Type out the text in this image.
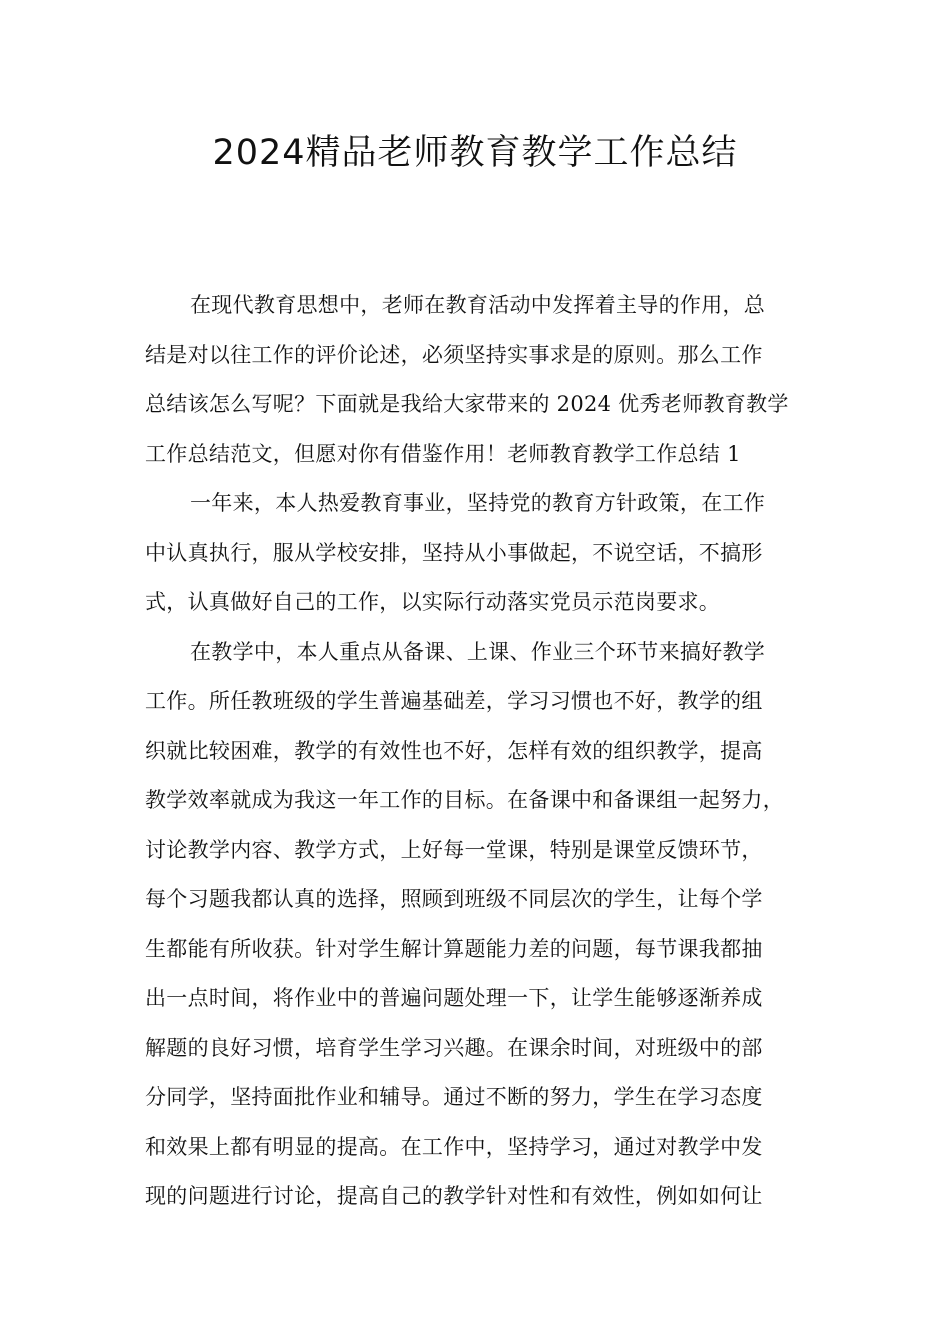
2024精品老师教育教学工作总结
在现代教育思想中，老师在教育活动中发挥着主导的作用，总
结是对以往工作的评价论述，必须坚持实事求是的原则。那么工作
总结该怎么写呢？下面就是我给大家带来的 2024 优秀老师教育教学
工作总结范文，但愿对你有借鉴作用！老师教育教学工作总结 1
一年来，本人热爱教育事业，坚持党的教育方针政策，在工作
中认真执行，服从学校安排，坚持从小事做起，不说空话，不搞形
式，认真做好自己的工作，以实际行动落实党员示范岗要求。
在教学中，本人重点从备课、上课、作业三个环节来搞好教学
工作。所任教班级的学生普遍基础差，学习习惯也不好，教学的组
织就比较困难，教学的有效性也不好，怎样有效的组织教学，提高
教学效率就成为我这一年工作的目标。在备课中和备课组一起努力，
讨论教学内容、教学方式，上好每一堂课，特别是课堂反馈环节，
每个习题我都认真的选择，照顾到班级不同层次的学生，让每个学
生都能有所收获。针对学生解计算题能力差的问题，每节课我都抽
出一点时间，将作业中的普遍问题处理一下，让学生能够逐渐养成
解题的良好习惯，培育学生学习兴趣。在课余时间，对班级中的部
分同学，坚持面批作业和辅导。通过不断的努力，学生在学习态度
和效果上都有明显的提高。在工作中，坚持学习，通过对教学中发
现的问题进行讨论，提高自己的教学针对性和有效性，例如如何让
